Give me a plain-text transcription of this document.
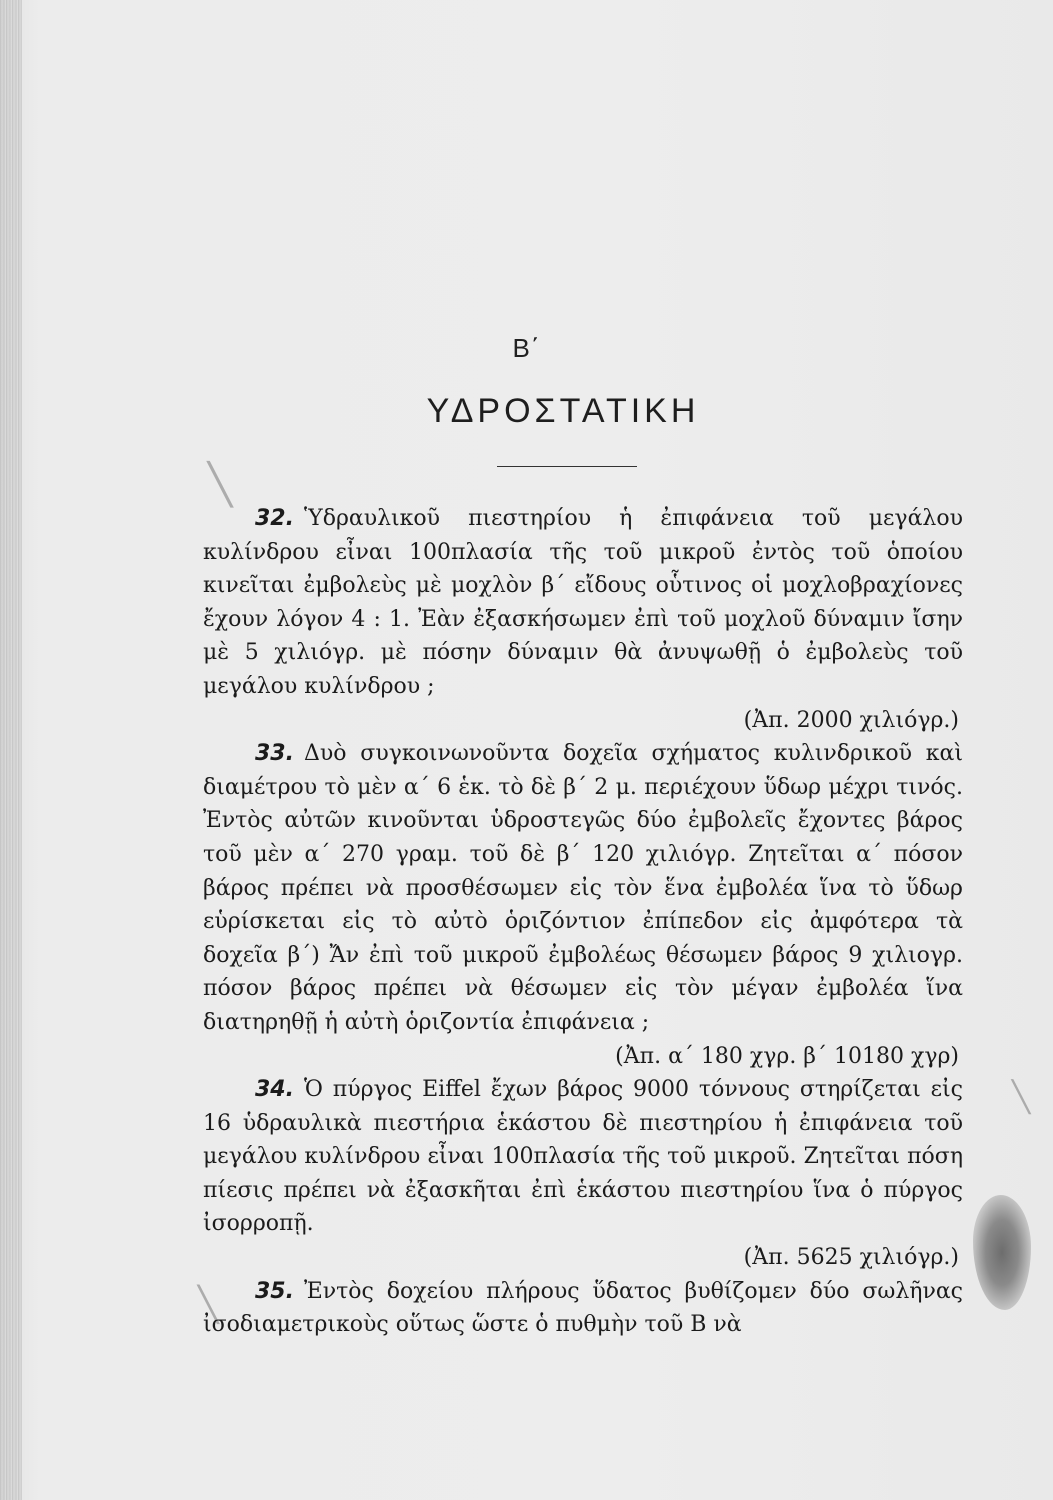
Β΄
ΥΔΡΟΣΤΑΤΙΚΗ
╲
╲
╲

32. Ὑδραυλικοῦ πιεστηρίου ἡ ἐπιφάνεια τοῦ μεγάλου κυλίνδρου εἶναι 100πλασία τῆς τοῦ μικροῦ ἐντὸς τοῦ ὁποίου κινεῖται ἐμβολεὺς μὲ μοχλὸν β΄ εἴδους οὗτινος οἱ μοχλοβραχίονες ἔχουν λόγον 4 : 1. Ἐὰν ἐξασκήσωμεν ἐπὶ τοῦ μοχλοῦ δύναμιν ἴσην μὲ 5 χιλιόγρ. μὲ πόσην δύναμιν θὰ ἀνυψωθῇ ὁ ἐμβολεὺς τοῦ μεγάλου κυλίνδρου ;

(Ἀπ. 2000 χιλιόγρ.)

33. Δυὸ συγκοινωνοῦντα δοχεῖα σχήματος κυλινδρικοῦ καὶ διαμέτρου τὸ μὲν α΄ 6 ἑκ. τὸ δὲ β΄ 2 μ. περιέχουν ὕδωρ μέχρι τινός. Ἐντὸς αὐτῶν κινοῦνται ὑδροστεγῶς δύο ἐμβολεῖς ἔχοντες βάρος τοῦ μὲν α΄ 270 γραμ. τοῦ δὲ β΄ 120 χιλιόγρ. Ζητεῖται α΄ πόσον βάρος πρέπει νὰ προσθέσωμεν εἰς τὸν ἕνα ἐμβολέα ἵνα τὸ ὕδωρ εὑρίσκεται εἰς τὸ αὐτὸ ὁριζόντιον ἐπίπεδον εἰς ἀμφότερα τὰ δοχεῖα β΄) Ἄν ἐπὶ τοῦ μικροῦ ἐμβολέως θέσωμεν βάρος 9 χιλιογρ. πόσον βάρος πρέπει νὰ θέσωμεν εἰς τὸν μέγαν ἐμβολέα ἵνα διατηρηθῇ ἡ αὐτὴ ὁριζοντία ἐπιφάνεια ;

(Ἀπ. α΄ 180 χγρ. β΄ 10180 χγρ)

34. Ὁ πύργος Eiffel ἔχων βάρος 9000 τόννους στηρίζεται εἰς 16 ὑδραυλικὰ πιεστήρια ἑκάστου δὲ πιεστηρίου ἡ ἐπιφάνεια τοῦ μεγάλου κυλίνδρου εἶναι 100πλασία τῆς τοῦ μικροῦ. Ζητεῖται πόση πίεσις πρέπει νὰ ἐξασκῆται ἐπὶ ἑκάστου πιεστηρίου ἵνα ὁ πύργος ἰσορροπῇ.

(Ἀπ. 5625 χιλιόγρ.)

35. Ἐντὸς δοχείου πλήρους ὕδατος βυθίζομεν δύο σωλῆνας ἰσοδιαμετρικοὺς οὕτως ὥστε ὁ πυθμὴν τοῦ Β νὰ
